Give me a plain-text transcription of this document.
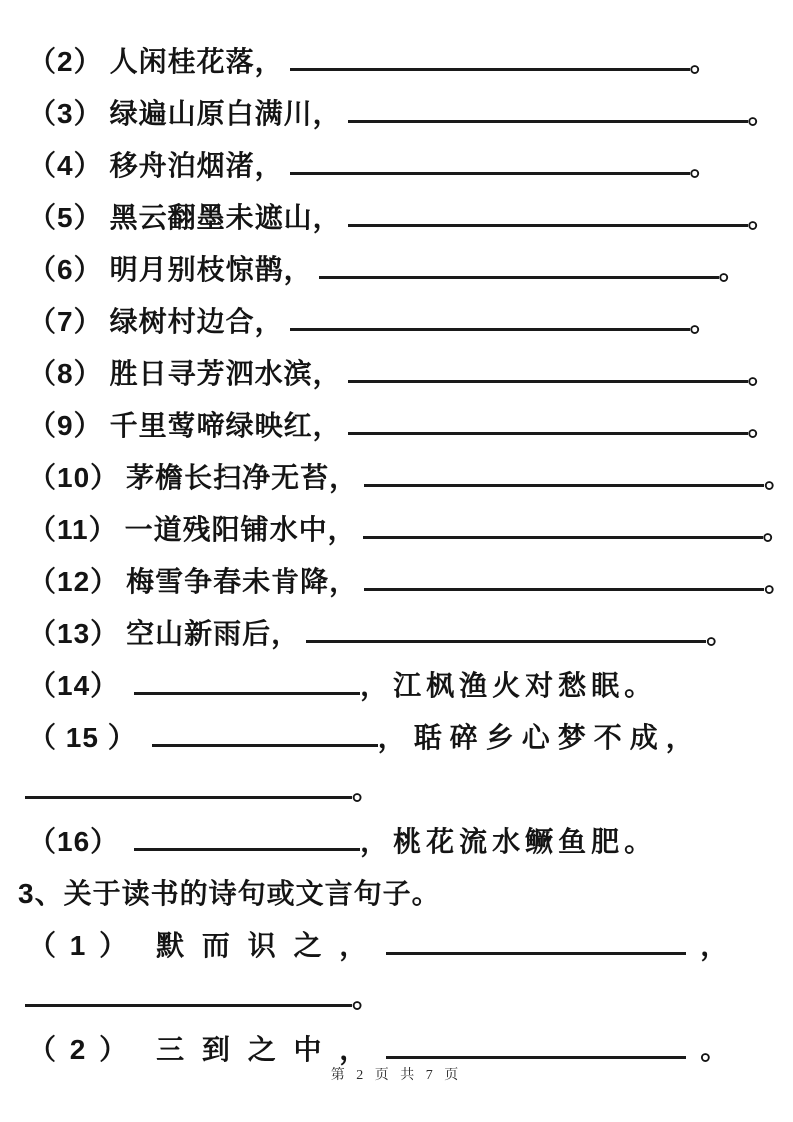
（2） 人闲桂花落，	。
（3） 绿遍山原白满川，	。
（4） 移舟泊烟渚，	。
（5） 黑云翻墨未遮山，	。
（6） 明月别枝惊鹊，	。
（7） 绿树村边合，	。
（8） 胜日寻芳泗水滨，	。
（9） 千里莺啼绿映红，	。
（10） 茅檐长扫净无苔，	。
（11） 一道残阳铺水中，	。
（12） 梅雪争春未肯降，	。
（13） 空山新雨后，	。
（14）	，江枫渔火对愁眠。
（ 15 ）	，聒碎乡心梦不成，
。
（16）	，桃花流水鳜鱼肥。
3、关于读书的诗句或文言句子。
（ 1 ） 默 而 识 之 ，	，
。
（ 2 ） 三 到 之 中 ，	。
第 2 页 共 7 页
